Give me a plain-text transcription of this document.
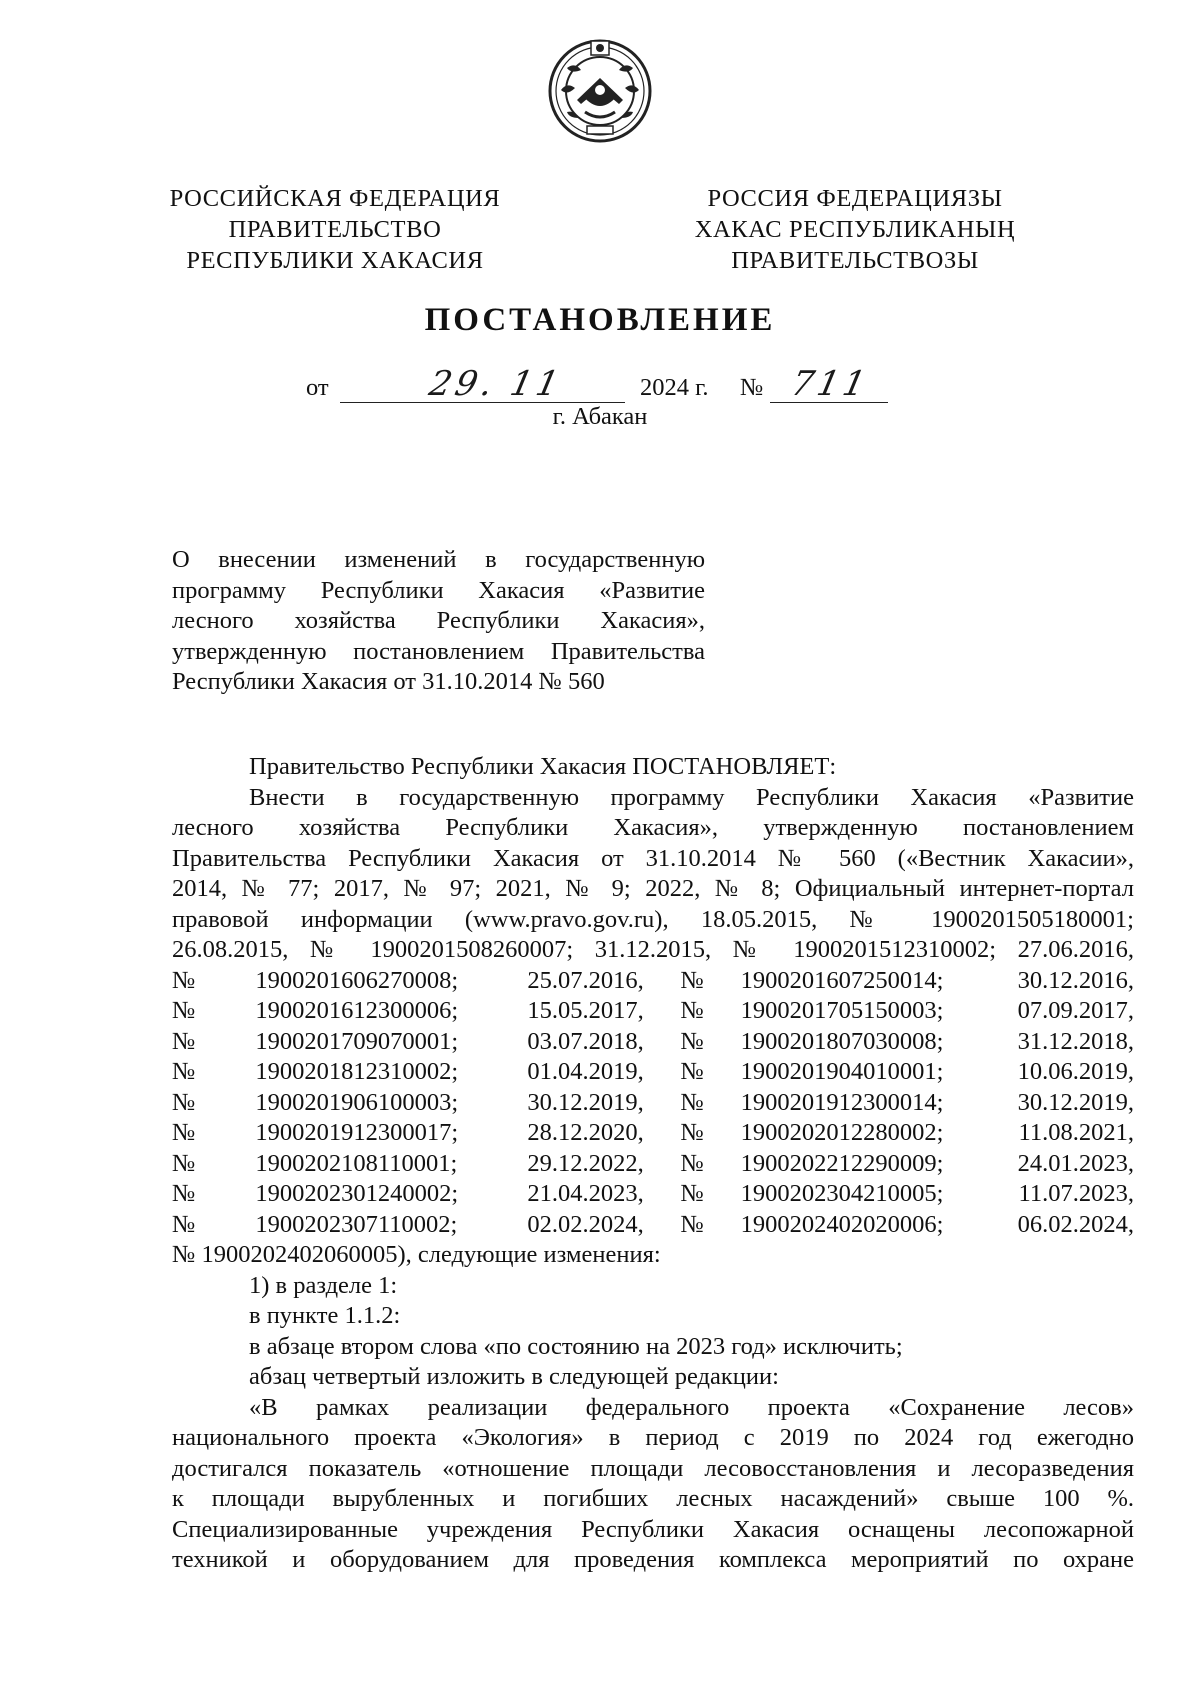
РОССИЙСКАЯ ФЕДЕРАЦИЯ
ПРАВИТЕЛЬСТВО
РЕСПУБЛИКИ ХАКАСИЯ
РОССИЯ ФЕДЕРАЦИЯЗЫ
ХАКАС РЕСПУБЛИКАНЫҢ
ПРАВИТЕЛЬСТВОЗЫ
ПОСТАНОВЛЕНИЕ
от	29. 11	2024 г. № 711
г. Абакан
О внесении изменений в государственную
программу Республики Хакасия «Развитие
лесного хозяйства Республики Хакасия»,
утвержденную постановлением Правительства
Республики Хакасия от 31.10.2014 № 560
Правительство Республики Хакасия ПОСТАНОВЛЯЕТ:
Внести в государственную программу Республики Хакасия «Развитие
лесного хозяйства Республики Хакасия», утвержденную постановлением
Правительства Республики Хакасия от 31.10.2014 № 560 («Вестник Хакасии»,
2014, № 77; 2017, № 97; 2021, № 9; 2022, № 8; Официальный интернет-портал
правовой информации (www.pravo.gov.ru), 18.05.2015, № 1900201505180001;
26.08.2015, № 1900201508260007; 31.12.2015, № 1900201512310002; 27.06.2016,
№	1900201606270008;	25.07.2016,	№	1900201607250014;	30.12.2016,
№	1900201612300006;	15.05.2017,	№	1900201705150003;	07.09.2017,
№	1900201709070001;	03.07.2018,	№	1900201807030008;	31.12.2018,
№	1900201812310002;	01.04.2019,	№	1900201904010001;	10.06.2019,
№	1900201906100003;	30.12.2019,	№	1900201912300014;	30.12.2019,
№	1900201912300017;	28.12.2020,	№	1900202012280002;	11.08.2021,
№	1900202108110001;	29.12.2022,	№	1900202212290009;	24.01.2023,
№	1900202301240002;	21.04.2023,	№	1900202304210005;	11.07.2023,
№	1900202307110002;	02.02.2024,	№	1900202402020006;	06.02.2024,
№ 1900202402060005), следующие изменения:
1) в разделе 1:
в пункте 1.1.2:
в абзаце втором слова «по состоянию на 2023 год» исключить;
абзац четвертый изложить в следующей редакции:
«В рамках реализации федерального проекта «Сохранение лесов»
национального проекта «Экология» в период с 2019 по 2024 год ежегодно
достигался показатель «отношение площади лесовосстановления и лесоразведения
к площади вырубленных и погибших лесных насаждений» свыше 100 %.
Специализированные учреждения Республики Хакасия оснащены лесопожарной
техникой и оборудованием для проведения комплекса мероприятий по охране
